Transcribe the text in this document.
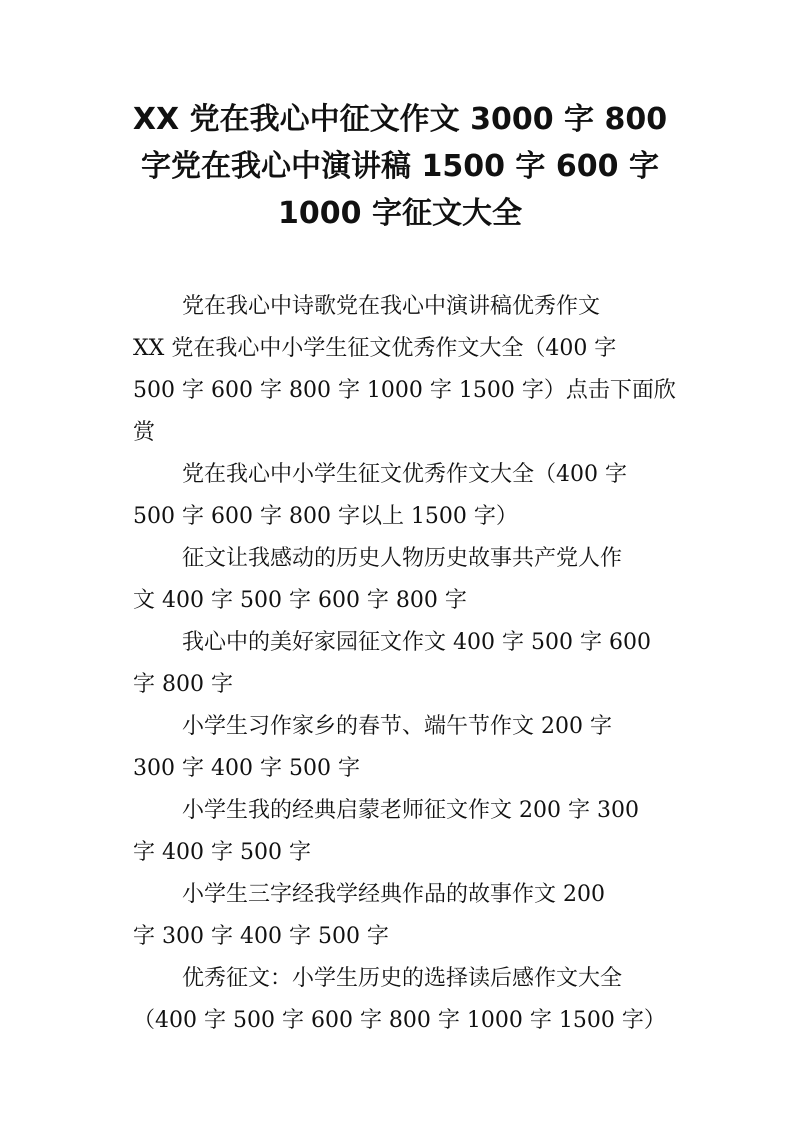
XX 党在我心中征文作文 3000 字 800
字党在我心中演讲稿 1500 字 600 字
1000 字征文大全
党在我心中诗歌党在我心中演讲稿优秀作文
XX 党在我心中小学生征文优秀作文大全（400 字
500 字 600 字 800 字 1000 字 1500 字）点击下面欣
赏
党在我心中小学生征文优秀作文大全（400 字
500 字 600 字 800 字以上 1500 字）
征文让我感动的历史人物历史故事共产党人作
文 400 字 500 字 600 字 800 字
我心中的美好家园征文作文 400 字 500 字 600
字 800 字
小学生习作家乡的春节、端午节作文 200 字
300 字 400 字 500 字
小学生我的经典启蒙老师征文作文 200 字 300
字 400 字 500 字
小学生三字经我学经典作品的故事作文 200
字 300 字 400 字 500 字
优秀征文：小学生历史的选择读后感作文大全
（400 字 500 字 600 字 800 字 1000 字 1500 字）
